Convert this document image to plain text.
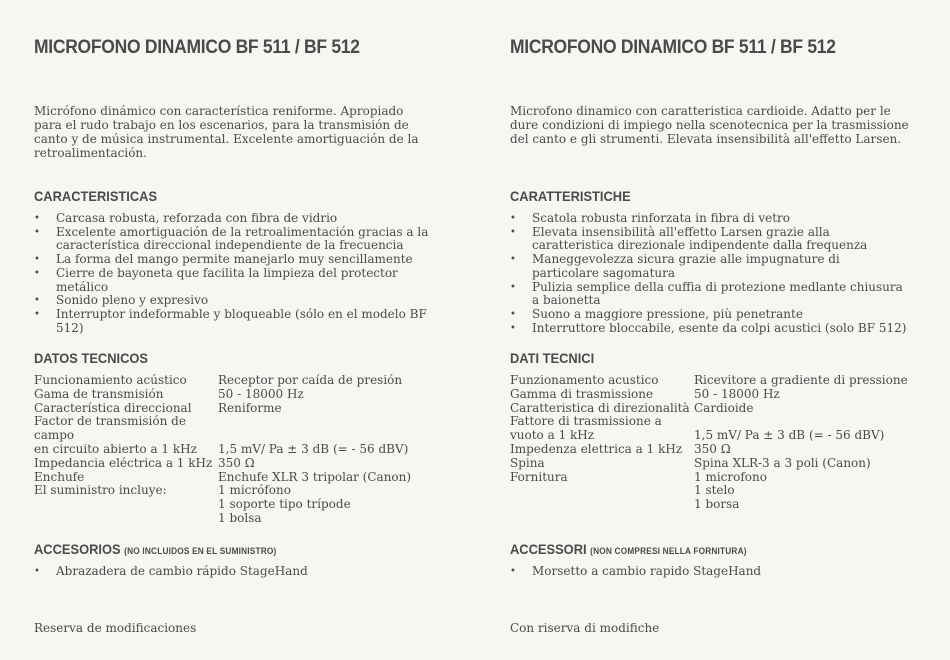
MICROFONO DINAMICO BF 511 / BF 512
Micrófono dinámico con característica reniforme. Apropiado para el rudo trabajo en los escenarios, para la transmisión de canto y de música instrumental. Excelente amortiguación de la retroalimentación.
CARACTERISTICAS
• Carcasa robusta, reforzada con fibra de vidrio
• Excelente amortiguación de la retroalimentación gracias a la característica direccional independiente de la frecuencia
• La forma del mango permite manejarlo muy sencillamente
• Cierre de bayoneta que facilita la limpieza del protector metálico
• Sonido pleno y expresivo
• Interruptor indeformable y bloqueable (sólo en el modelo BF 512)
DATOS TECNICOS
Funcionamiento acústico	Receptor por caída de presión
Gama de transmisión	50 - 18000 Hz
Característica direccional	Reniforme
Factor de transmisión de campo
en circuito abierto a 1 kHz	1,5 mV/ Pa ± 3 dB (= - 56 dBV)
Impedancia eléctrica a 1 kHz 350 Ω
Enchufe	Enchufe XLR 3 tripolar (Canon)
El suministro incluye:	1 micrófono
1 soporte tipo trípode
1 bolsa
ACCESORIOS (NO INCLUIDOS EN EL SUMINISTRO)
• Abrazadera de cambio rápido StageHand
Reserva de modificaciones
MICROFONO DINAMICO BF 511 / BF 512
Microfono dinamico con caratteristica cardioide. Adatto per le dure condizioni di impiego nella scenotecnica per la trasmissione del canto e gli strumenti. Elevata insensibilità all'effetto Larsen.
CARATTERISTICHE
• Scatola robusta rinforzata in fibra di vetro
• Elevata insensibilità all'effetto Larsen grazie alla caratteristica direzionale indipendente dalla frequenza
• Maneggevolezza sicura grazie alle impugnature di particolare sagomatura
• Pulizia semplice della cuffia di protezione medlante chiusura a baionetta
• Suono a maggiore pressione, più penetrante
• Interruttore bloccabile, esente da colpi acustici (solo BF 512)
DATI TECNICI
Funzionamento acustico	Ricevitore a gradiente di pressione
Gamma di trasmissione	50 - 18000 Hz
Caratteristica di direzionalità Cardioide
Fattore di trasmissione a
vuoto a 1 kHz	1,5 mV/ Pa ± 3 dB (= - 56 dBV)
Impedenza elettrica a 1 kHz 350 Ω
Spina	Spina XLR-3 a 3 poli (Canon)
Fornitura	1 microfono
1 stelo
1 borsa
ACCESSORI (NON COMPRESI NELLA FORNITURA)
• Morsetto a cambio rapido StageHand
Con riserva di modifiche
